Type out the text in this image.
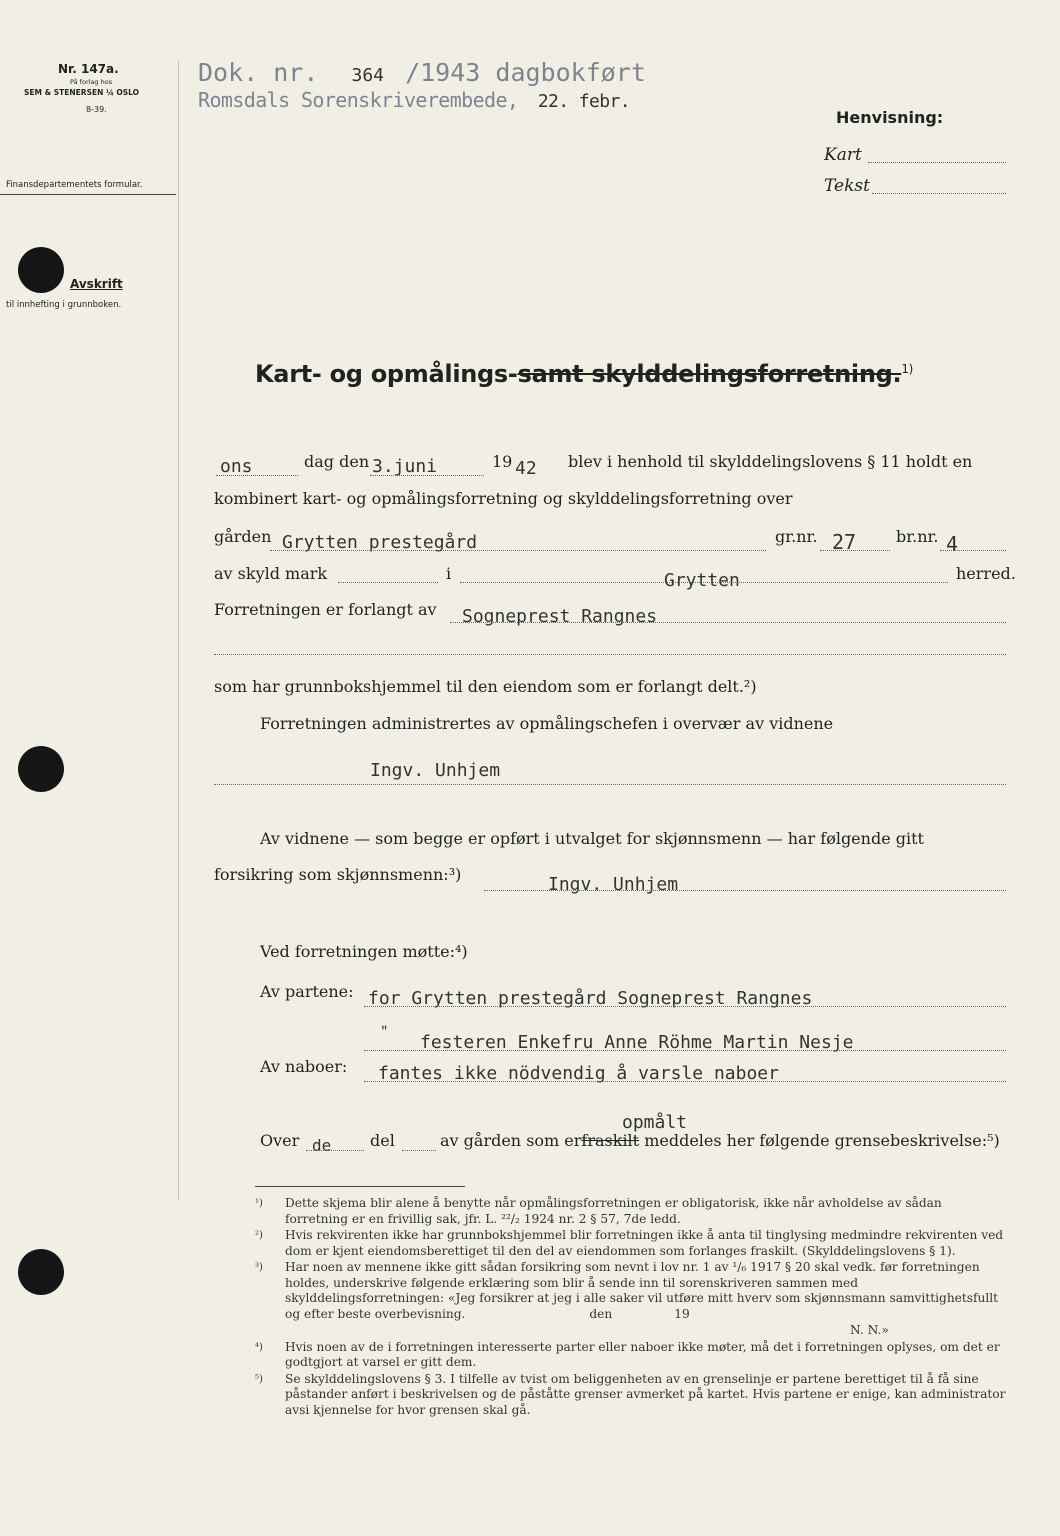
Nr. 147a.
På forlag hos
SEM & STENERSEN ¼ OSLO
8-39.
Finansdepartementets formular.
Avskrift
til innhefting i grunnboken.
Dok. nr. 364 /1943 dagbokført
Romsdals Sorenskriverembede, 22. febr.
Henvisning:
Kart
Tekst
Kart- og opmålings-samt skylddelingsforretning.$^{1)}$
ons	dag den 3.juni	19 42 blev i henhold til skylddelingslovens § 11 holdt en
kombinert kart- og opmålingsforretning og skylddelingsforretning over
gården Grytten prestegård	gr.nr. 27 br.nr. 4
av skyld mark	i	Grytten	herred.
Forretningen er forlangt av Sogneprest Rangnes
som har grunnbokshjemmel til den eiendom som er forlangt delt.²)
Forretningen administrertes av opmålingschefen i overvær av vidnene
Ingv. Unhjem
Av vidnene — som begge er opført i utvalget for skjønnsmenn — har følgende gitt
forsikring som skjønnsmenn:³)	Ingv. Unhjem
Ved forretningen møtte:⁴)
Av partene: for Grytten prestegård Sogneprest Rangnes
" festeren Enkefru Anne Röhme Martin Nesje
Av naboer: fantes ikke nödvendig å varsle naboer
opmålt
Over de del	av gården som erfraskilt meddeles her følgende grensebeskrivelse:⁵)
¹)	Dette skjema blir alene å benytte når opmålingsforretningen er obligatorisk, ikke når avholdelse av sådan forretning er en frivillig sak, jfr. L. ²²/₂ 1924 nr. 2 § 57, 7de ledd.
²)	Hvis rekvirenten ikke har grunnbokshjemmel blir forretningen ikke å anta til tinglysing medmindre rekvirenten ved dom er kjent eiendomsberettiget til den del av eiendommen som forlanges fraskilt. (Skylddelingslovens § 1).
³)	Har noen av mennene ikke gitt sådan forsikring som nevnt i lov nr. 1 av ¹/₆ 1917 § 20 skal vedk. før forretningen holdes, underskrive følgende erklæring som blir å sende inn til sorenskriveren sammen med skylddelingsforretningen: «Jeg forsikrer at jeg i alle saker vil utføre mitt hverv som skjønnsmann samvittighetsfullt og efter beste overbevisning.                                den                19
N. N.»
⁴)	Hvis noen av de i forretningen interesserte parter eller naboer ikke møter, må det i forretningen oplyses, om det er godtgjort at varsel er gitt dem.
⁵)	Se skylddelingslovens § 3. I tilfelle av tvist om beliggenheten av en grenselinje er partene berettiget til å få sine påstander anført i beskrivelsen og de påståtte grenser avmerket på kartet. Hvis partene er enige, kan administrator avsi kjennelse for hvor grensen skal gå.
